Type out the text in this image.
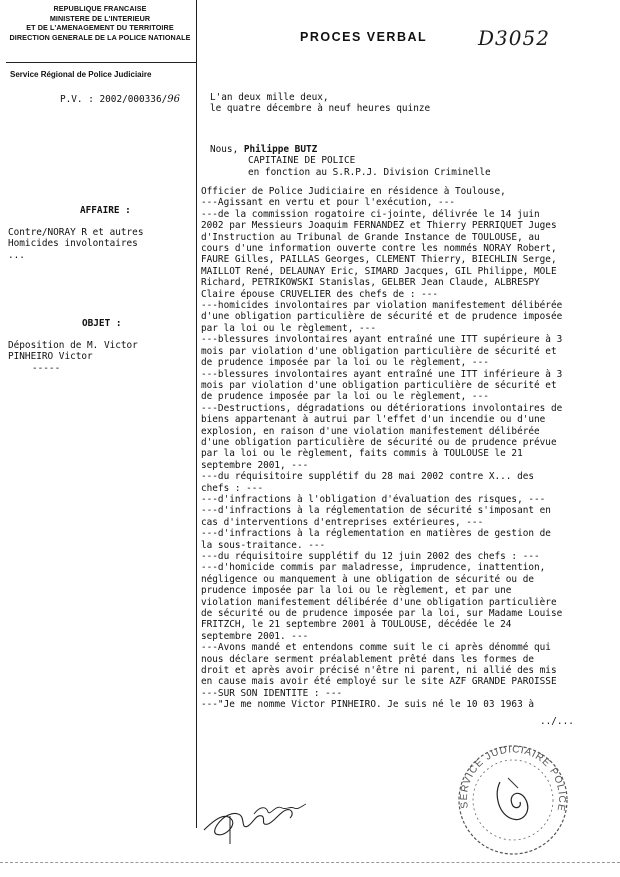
REPUBLIQUE FRANCAISE
MINISTERE DE L'INTERIEUR
ET DE L'AMENAGEMENT DU TERRITOIRE
DIRECTION GENERALE DE LA POLICE NATIONALE
Service Régional de Police Judiciaire
P.V. : 2002/000336/96
PROCES VERBAL	D3052
L'an deux mille deux,
le quatre décembre à neuf heures quinze
Nous, Philippe BUTZ
CAPITAINE DE POLICE
en fonction au S.R.P.J. Division Criminelle
AFFAIRE :
Contre/NORAY R et autres
Homicides involontaires
...
OBJET :
Déposition de M. Victor
PINHEIRO Victor
-----
Officier de Police Judiciaire en résidence à Toulouse,
---Agissant en vertu et pour l'exécution, ---
---de la commission rogatoire ci-jointe, délivrée le 14 juin
2002 par Messieurs Joaquim FERNANDEZ et Thierry PERRIQUET Juges
d'Instruction au Tribunal de Grande Instance de TOULOUSE, au
cours d'une information ouverte contre les nommés NORAY Robert,
FAURE Gilles, PAILLAS Georges, CLEMENT Thierry, BIECHLIN Serge,
MAILLOT René, DELAUNAY Eric, SIMARD Jacques, GIL Philippe, MOLE
Richard, PETRIKOWSKI Stanislas, GELBER Jean Claude, ALBRESPY
Claire épouse CRUVELIER des chefs de : ---
---homicides involontaires par violation manifestement délibérée
d'une obligation particulière de sécurité et de prudence imposée
par la loi ou le règlement, ---
---blessures involontaires ayant entraîné une ITT supérieure à 3
mois par violation d'une obligation particulière de sécurité et
de prudence imposée par la loi ou le règlement, ---
---blessures involontaires ayant entraîné une ITT inférieure à 3
mois par violation d'une obligation particulière de sécurité et
de prudence imposée par la loi ou le règlement, ---
---Destructions, dégradations ou détériorations involontaires de
biens appartenant à autrui par l'effet d'un incendie ou d'une
explosion, en raison d'une violation manifestement délibérée
d'une obligation particulière de sécurité ou de prudence prévue
par la loi ou le règlement, faits commis à TOULOUSE le 21
septembre 2001, ---
---du réquisitoire supplétif du 28 mai 2002 contre X... des
chefs : ---
---d'infractions à l'obligation d'évaluation des risques, ---
---d'infractions à la réglementation de sécurité s'imposant en
cas d'interventions d'entreprises extérieures, ---
---d'infractions à la réglementation en matières de gestion de
la sous-traitance. ---
---du réquisitoire supplétif du 12 juin 2002 des chefs : ---
---d'homicide commis par maladresse, imprudence, inattention,
négligence ou manquement à une obligation de sécurité ou de
prudence imposée par la loi ou le règlement, et par une
violation manifestement délibérée d'une obligation particulière
de sécurité ou de prudence imposée par la loi, sur Madame Louise
FRITZCH, le 21 septembre 2001 à TOULOUSE, décédée le 24
septembre 2001. ---
---Avons mandé et entendons comme suit le ci après dénommé qui
nous déclare serment préalablement prêté dans les formes de
droit et après avoir précisé n'être ni parent, ni allié des mis
en cause mais avoir été employé sur le site AZF GRANDE PAROISSE
---SUR SON IDENTITE : ---
---"Je me nomme Victor PINHEIRO. Je suis né le 10 03 1963 à
../...
SERVICE JUDICIAIRE POLICE
